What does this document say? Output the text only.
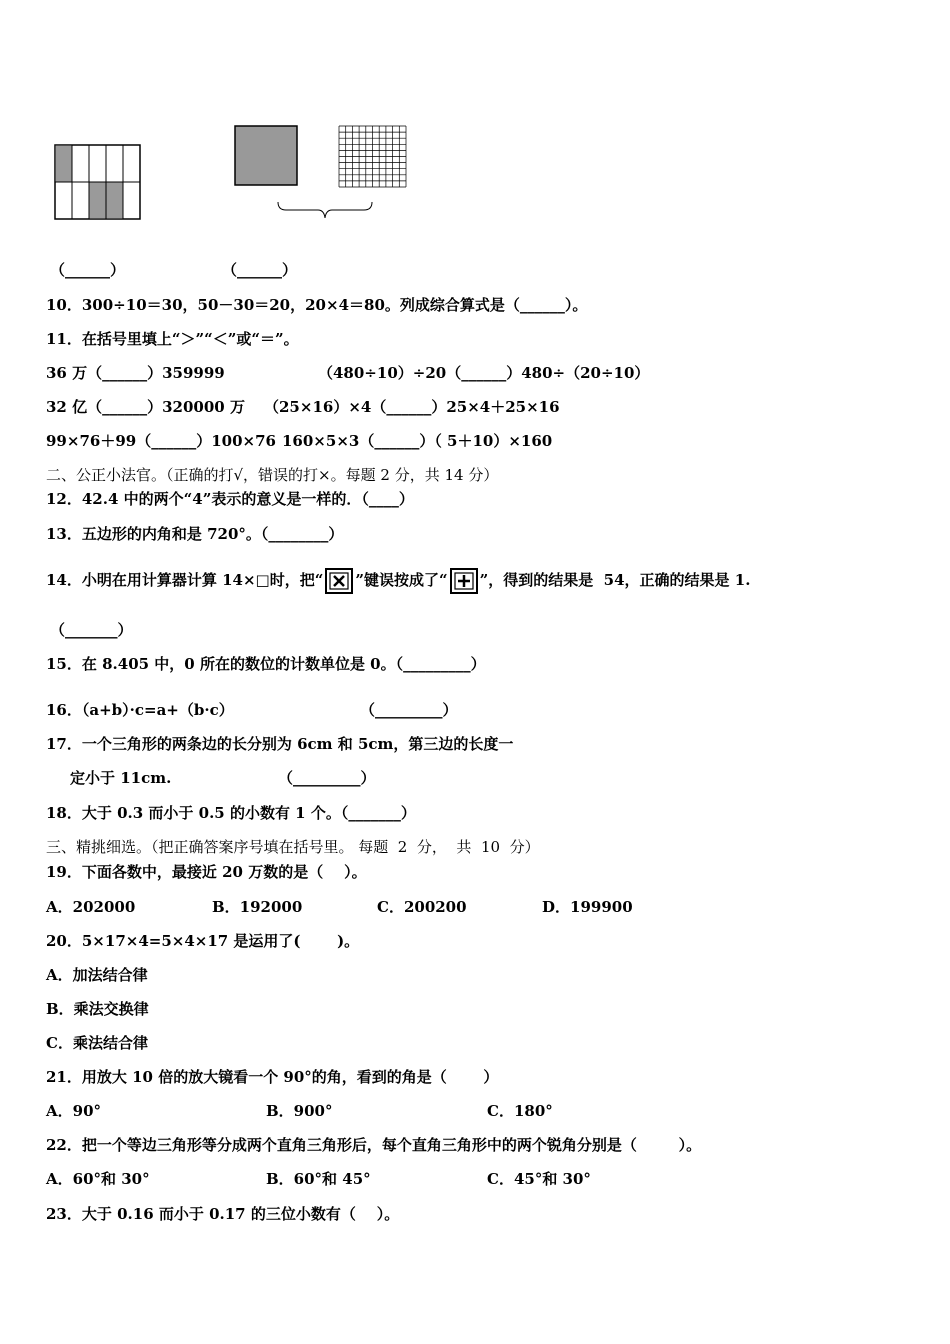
（______）	（______）
10．300÷10＝30，50－30＝20，20×4＝80。列成综合算式是（______）。
11．在括号里填上“＞”“＜”或“＝”。
36 万（______）359999	（480÷10）÷20（______）480÷（20÷10）
32 亿（______）320000 万 （25×16）×4（______）25×4＋25×16
99×76＋99（______）100×76 160×5×3（______）（ 5＋10）×160
二、公正小法官。（正确的打√，错误的打×。每题 2 分，共 14 分）
12．42.4 中的两个“4”表示的意义是一样的．（____）
13．五边形的内角和是 720°。（________）
14．小明在用计算器计算 14×□时，把“ ”键误按成了“ ”，得到的结果是  54，正确的结果是 1.
（_______）
15．在 8.405 中，0 所在的数位的计数单位是 0。（_________）
16．（a+b）·c=a+（b·c）	（_________）
17．一个三角形的两条边的长分别为 6cm 和 5cm，第三边的长度一
定小于 11cm.	（_________）
18．大于 0.3 而小于 0.5 的小数有 1 个。（_______）
三、精挑细选。（把正确答案序号填在括号里。 每题  2  分，  共  10  分）
19．下面各数中，最接近 20 万数的是（    ）。
A．202000	B．192000	C．200200	D．199900
20．5×17×4=5×4×17 是运用了(       )。
A．加法结合律
B．乘法交换律
C．乘法结合律
21．用放大 10 倍的放大镜看一个 90°的角，看到的角是（       ）
A．90°	B．900°	C．180°
22．把一个等边三角形等分成两个直角三角形后，每个直角三角形中的两个锐角分别是（        ）。
A．60°和 30°	B．60°和 45°	C．45°和 30°
23．大于 0.16 而小于 0.17 的三位小数有（    ）。
